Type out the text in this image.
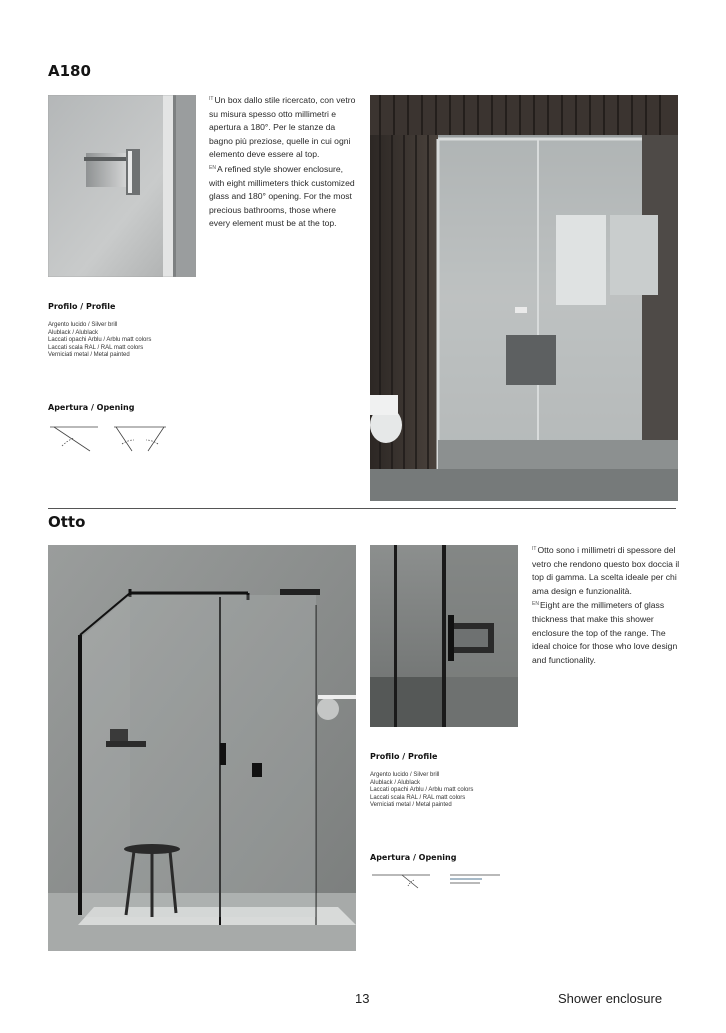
A180

$^{IT}$Un box dallo stile ricercato, con vetro su misura spesso otto millimetri e apertura a 180°. Per le stanze da bagno più preziose, quelle in cui ogni elemento deve essere al top.

$^{EN}$A refined style shower enclosure, with eight millimeters thick customized glass and 180° opening. For the most precious bathrooms, those where every element must be at the top.

Profilo / Profile
Argento lucido / Silver brill
Alublack / Alublack
Laccati opachi Arblu / Arblu matt colors
Laccati scala RAL / RAL matt colors
Verniciati metal / Metal painted
Apertura / Opening
Otto

$^{IT}$Otto sono i millimetri di spessore del vetro che rendono questo box doccia il top di gamma. La scelta ideale per chi ama design e funzionalità.

$^{EN}$Eight are the millimeters of glass thickness that make this shower enclosure the top of the range. The ideal choice for those who love design and functionality.

Profilo / Profile
Argento lucido / Silver brill
Alublack / Alublack
Laccati opachi Arblu / Arblu matt colors
Laccati scala RAL / RAL matt colors
Verniciati metal / Metal painted
Apertura / Opening
13	Shower enclosure
